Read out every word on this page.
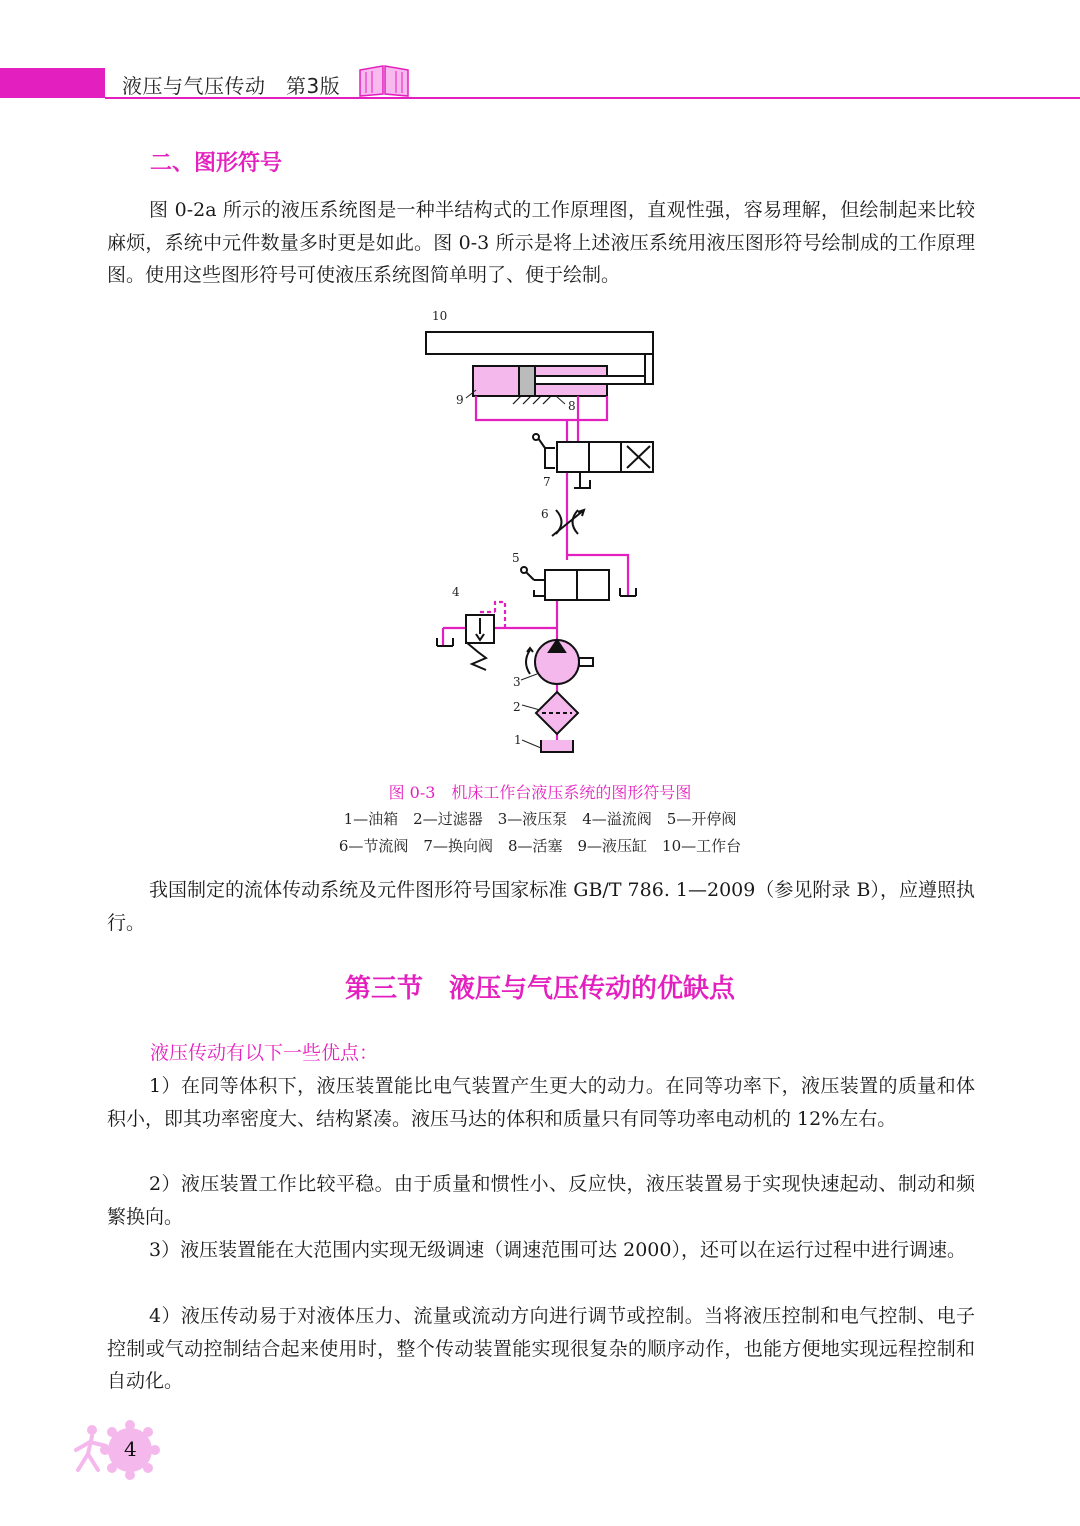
液压与气压传动　第3版
二、图形符号

图 0-2a 所示的液压系统图是一种半结构式的工作原理图，直观性强，容易理解，但绘制起来比较麻烦，系统中元件数量多时更是如此。图 0-3 所示是将上述液压系统用液压图形符号绘制成的工作原理图。使用这些图形符号可使液压系统图简单明了、便于绘制。

10
9	8
7
6
5
4
3
2
1
图 0-3　机床工作台液压系统的图形符号图
1—油箱　2—过滤器　3—液压泵　4—溢流阀　5—开停阀
6—节流阀　7—换向阀　8—活塞　9—液压缸　10—工作台

我国制定的流体传动系统及元件图形符号国家标准 GB/T 786. 1—2009（参见附录 B），应遵照执行。

第三节　液压与气压传动的优缺点
液压传动有以下一些优点：

1）在同等体积下，液压装置能比电气装置产生更大的动力。在同等功率下，液压装置的质量和体积小，即其功率密度大、结构紧凑。液压马达的体积和质量只有同等功率电动机的 12%左右。

2）液压装置工作比较平稳。由于质量和惯性小、反应快，液压装置易于实现快速起动、制动和频繁换向。

3）液压装置能在大范围内实现无级调速（调速范围可达 2000），还可以在运行过程中进行调速。

4）液压传动易于对液体压力、流量或流动方向进行调节或控制。当将液压控制和电气控制、电子控制或气动控制结合起来使用时，整个传动装置能实现很复杂的顺序动作，也能方便地实现远程控制和自动化。

4
